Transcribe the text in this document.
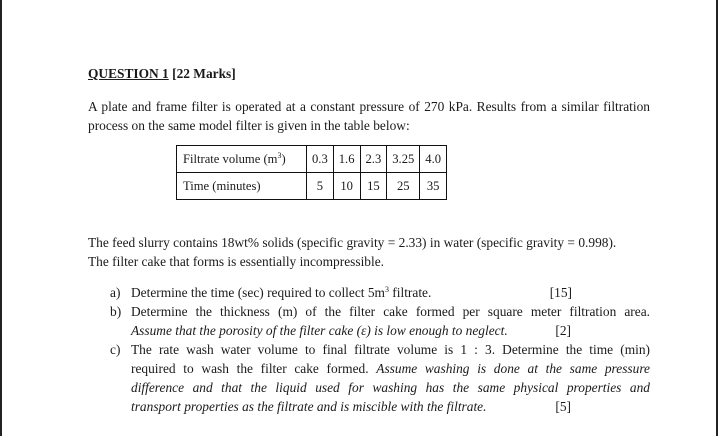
QUESTION 1 [22 Marks]
A plate and frame filter is operated at a constant pressure of 270 kPa. Results from a similar filtration process on the same model filter is given in the table below:
Filtrate volume $(m^3)$	0.3	1.6	2.3	3.25	4.0
Time (minutes)	5	10	15	25	35
The feed slurry contains 18wt% solids (specific gravity = 2.33) in water (specific gravity = 0.998).
The filter cake that forms is essentially incompressible.
a) Determine the time (sec) required to collect $5m^3$ filtrate.	[15]
b) Determine the thickness (m) of the filter cake formed per square meter filtration area.
Assume that the porosity of the filter cake (ε) is low enough to neglect.	[2]
c) The rate wash water volume to final filtrate volume is 1 : 3. Determine the time (min)
required to wash the filter cake formed. Assume washing is done at the same pressure
difference and that the liquid used for washing has the same physical properties and
transport properties as the filtrate and is miscible with the filtrate.	[5]
